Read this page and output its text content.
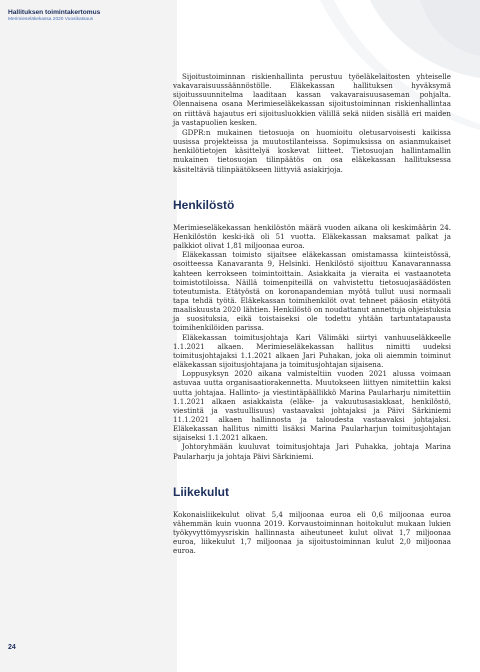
Hallituksen toimintakertomus
Merimieseläkekassa 2020 Vuosikatsaus

Sijoitustoiminnan riskienhallinta perustuu työeläkelaitosten yhteiselle vakavaraisuussäännöstölle. Eläkekassan hallituksen hyväksymä sijoitussuunnitelma laaditaan kassan vakavaraisuusaseman pohjalta. Olennaisena osana Merimieseläkekassan sijoitustoiminnan riskienhallintaa on riittävä hajautus eri sijoitusluokkien välillä sekä niiden sisällä eri maiden ja vastapuolien kesken.

GDPR:n mukainen tietosuoja on huomioitu oletusarvoisesti kaikissa uusissa projekteissa ja muutostilanteissa. Sopimuksissa on asianmukaiset henkilötietojen käsittelyä koskevat liitteet. Tietosuojan hallintamallin mukainen tietosuojan tilinpäätös on osa eläkekassan hallituksessa käsiteltäviä tilinpäätökseen liittyviä asiakirjoja.

Henkilöstö

Merimieseläkekassan henkilöstön määrä vuoden aikana oli keskimäärin 24. Henkilöstön keski-ikä oli 51 vuotta. Eläkekassan maksamat palkat ja palkkiot olivat 1,81 miljoonaa euroa.

Eläkekassan toimisto sijaitsee eläkekassan omistamassa kiinteistössä, osoitteessa Kanavaranta 9, Helsinki. Henkilöstö sijoittuu Kanavarannassa kahteen kerrokseen toimintoittain. Asiakkaita ja vieraita ei vastaanoteta toimistotiloissa. Näillä toimenpiteillä on vahvistettu tietosuojasäädösten toteutumista. Etätyöstä on koronapandemian myötä tullut uusi normaali tapa tehdä työtä. Eläkekassan toimihenkilöt ovat tehneet pääosin etätyötä maaliskuusta 2020 lähtien. Henkilöstö on noudattanut annettuja ohjeistuksia ja suosituksia, eikä toistaiseksi ole todettu yhtään tartuntatapausta toimihenkilöiden parissa.

Eläkekassan toimitusjohtaja Kari Välimäki siirtyi vanhuuseläkkeelle 1.1.2021 alkaen. Merimieseläkekassan hallitus nimitti uudeksi toimitusjohtajaksi 1.1.2021 alkaen Jari Puhakan, joka oli aiemmin toiminut eläkekassan sijoitusjohtajana ja toimitusjohtajan sijaisena.

Loppusyksyn 2020 aikana valmisteltiin vuoden 2021 alussa voimaan astuvaa uutta organisaatiorakennetta. Muutokseen liittyen nimitettiin kaksi uutta johtajaa. Hallinto- ja viestintäpäällikkö Marina Paularharju nimitettiin 1.1.2021 alkaen asiakkaista (eläke- ja vakuutusasiakkaat, henkilöstö, viestintä ja vastuullisuus) vastaavaksi johtajaksi ja Päivi Särkiniemi 11.1.2021 alkaen hallinnosta ja taloudesta vastaavaksi johtajaksi. Eläkekassan hallitus nimitti lisäksi Marina Paularharjun toimitusjohtajan sijaiseksi 1.1.2021 alkaen.

Johtoryhmään kuuluvat toimitusjohtaja Jari Puhakka, johtaja Marina Paularharju ja johtaja Päivi Särkiniemi.

Liikekulut

Kokonaisliikekulut olivat 5,4 miljoonaa euroa eli 0,6 miljoonaa euroa vähemmän kuin vuonna 2019. Korvaustoiminnan hoitokulut mukaan lukien työkyvyttömyysriskin hallinnasta aiheutuneet kulut olivat 1,7 miljoonaa euroa, liikekulut 1,7 miljoonaa ja sijoitustoiminnan kulut 2,0 miljoonaa euroa.

24
